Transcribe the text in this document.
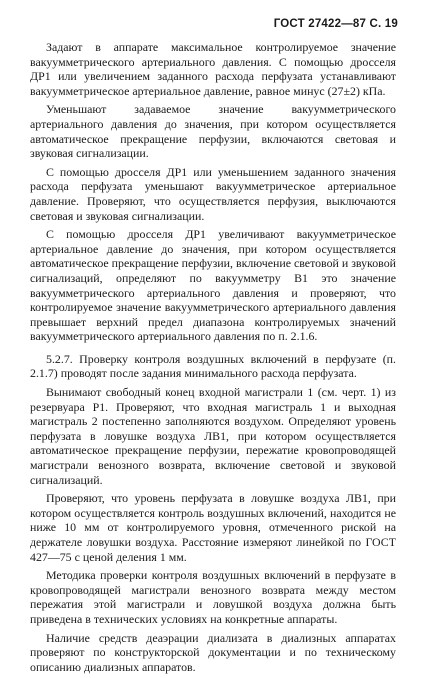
ГОСТ 27422—87 С. 19

Задают в аппарате максимальное контролируемое значение вакуумметрического артериального давления. С помощью дросселя ДР1 или увеличением заданного расхода перфузата устанавливают вакуумметрическое артериальное давление, равное минус (27±2) кПа.

Уменьшают задаваемое значение вакуумметрического артериального давления до значения, при котором осуществляется автоматическое прекращение перфузии, включаются световая и звуковая сигнализации.

С помощью дросселя ДР1 или уменьшением заданного значения расхода перфузата уменьшают вакуумметрическое артериальное давление. Проверяют, что осуществляется перфузия, выключаются световая и звуковая сигнализации.

С помощью дросселя ДР1 увеличивают вакуумметрическое артериальное давление до значения, при котором осуществляется автоматическое прекращение перфузии, включение световой и звуковой сигнализаций, определяют по вакуумметру В1 это значение вакуумметрического артериального давления и проверяют, что контролируемое значение вакуумметрического артериального давления превышает верхний предел диапазона контролируемых значений вакуумметрического артериального давления по п. 2.1.6.

5.2.7. Проверку контроля воздушных включений в перфузате (п. 2.1.7) проводят после задания минимального расхода перфузата.

Вынимают свободный конец входной магистрали 1 (см. черт. 1) из резервуара Р1. Проверяют, что входная магистраль 1 и выходная магистраль 2 постепенно заполняются воздухом. Определяют уровень перфузата в ловушке воздуха ЛВ1, при котором осуществляется автоматическое прекращение перфузии, пережатие кровопроводящей магистрали венозного возврата, включение световой и звуковой сигнализаций.

Проверяют, что уровень перфузата в ловушке воздуха ЛВ1, при котором осуществляется контроль воздушных включений, находится не ниже 10 мм от контролируемого уровня, отмеченного риской на держателе ловушки воздуха. Расстояние измеряют линейкой по ГОСТ 427—75 с ценой деления 1 мм.

Методика проверки контроля воздушных включений в перфузате в кровопроводящей магистрали венозного возврата между местом пережатия этой магистрали и ловушкой воздуха должна быть приведена в технических условиях на конкретные аппараты.

Наличие средств деаэрации диализата в диализных аппаратах проверяют по конструкторской документации и по техническому описанию диализных аппаратов.
